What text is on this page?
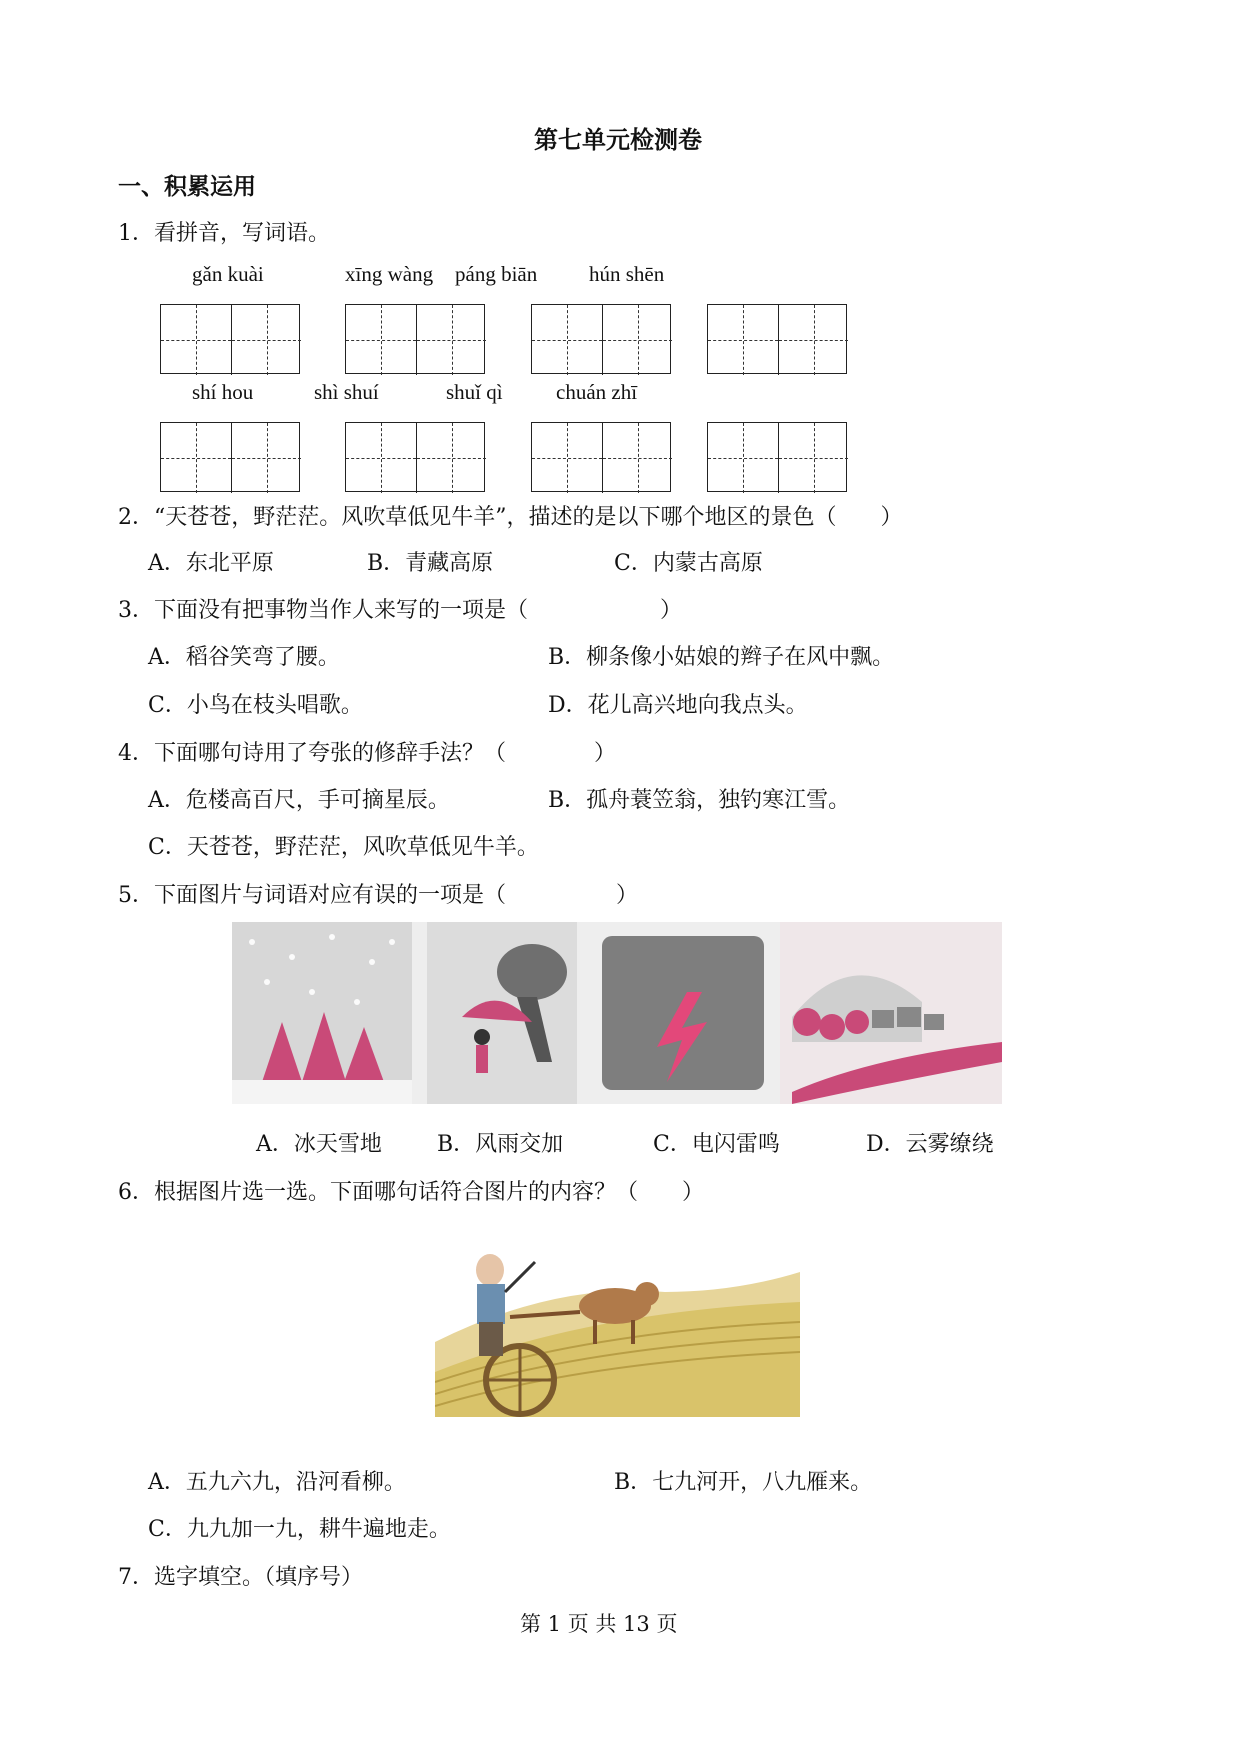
第七单元检测卷
一、积累运用
1．看拼音，写词语。
gǎn kuài	xīng wàng páng biān hún shēn
shí hou	shì shuí	shuǐ qì	chuán zhī
2．“天苍苍，野茫茫。风吹草低见牛羊”，描述的是以下哪个地区的景色（　　）
A．东北平原	B．青藏高原	C．内蒙古高原
3．下面没有把事物当作人来写的一项是（　　　　　　）
A．稻谷笑弯了腰。	B．柳条像小姑娘的辫子在风中飘。
C．小鸟在枝头唱歌。	D．花儿高兴地向我点头。
4．下面哪句诗用了夸张的修辞手法？（　　　　）
A．危楼高百尺，手可摘星辰。	B．孤舟蓑笠翁，独钓寒江雪。
C．天苍苍，野茫茫，风吹草低见牛羊。
5．下面图片与词语对应有误的一项是（　　　　　）
A．冰天雪地	B．风雨交加	C．电闪雷鸣	D．云雾缭绕
6．根据图片选一选。下面哪句话符合图片的内容？（　　）
A．五九六九，沿河看柳。	B．七九河开，八九雁来。
C．九九加一九，耕牛遍地走。
7．选字填空。（填序号）
第 1 页 共 13 页
